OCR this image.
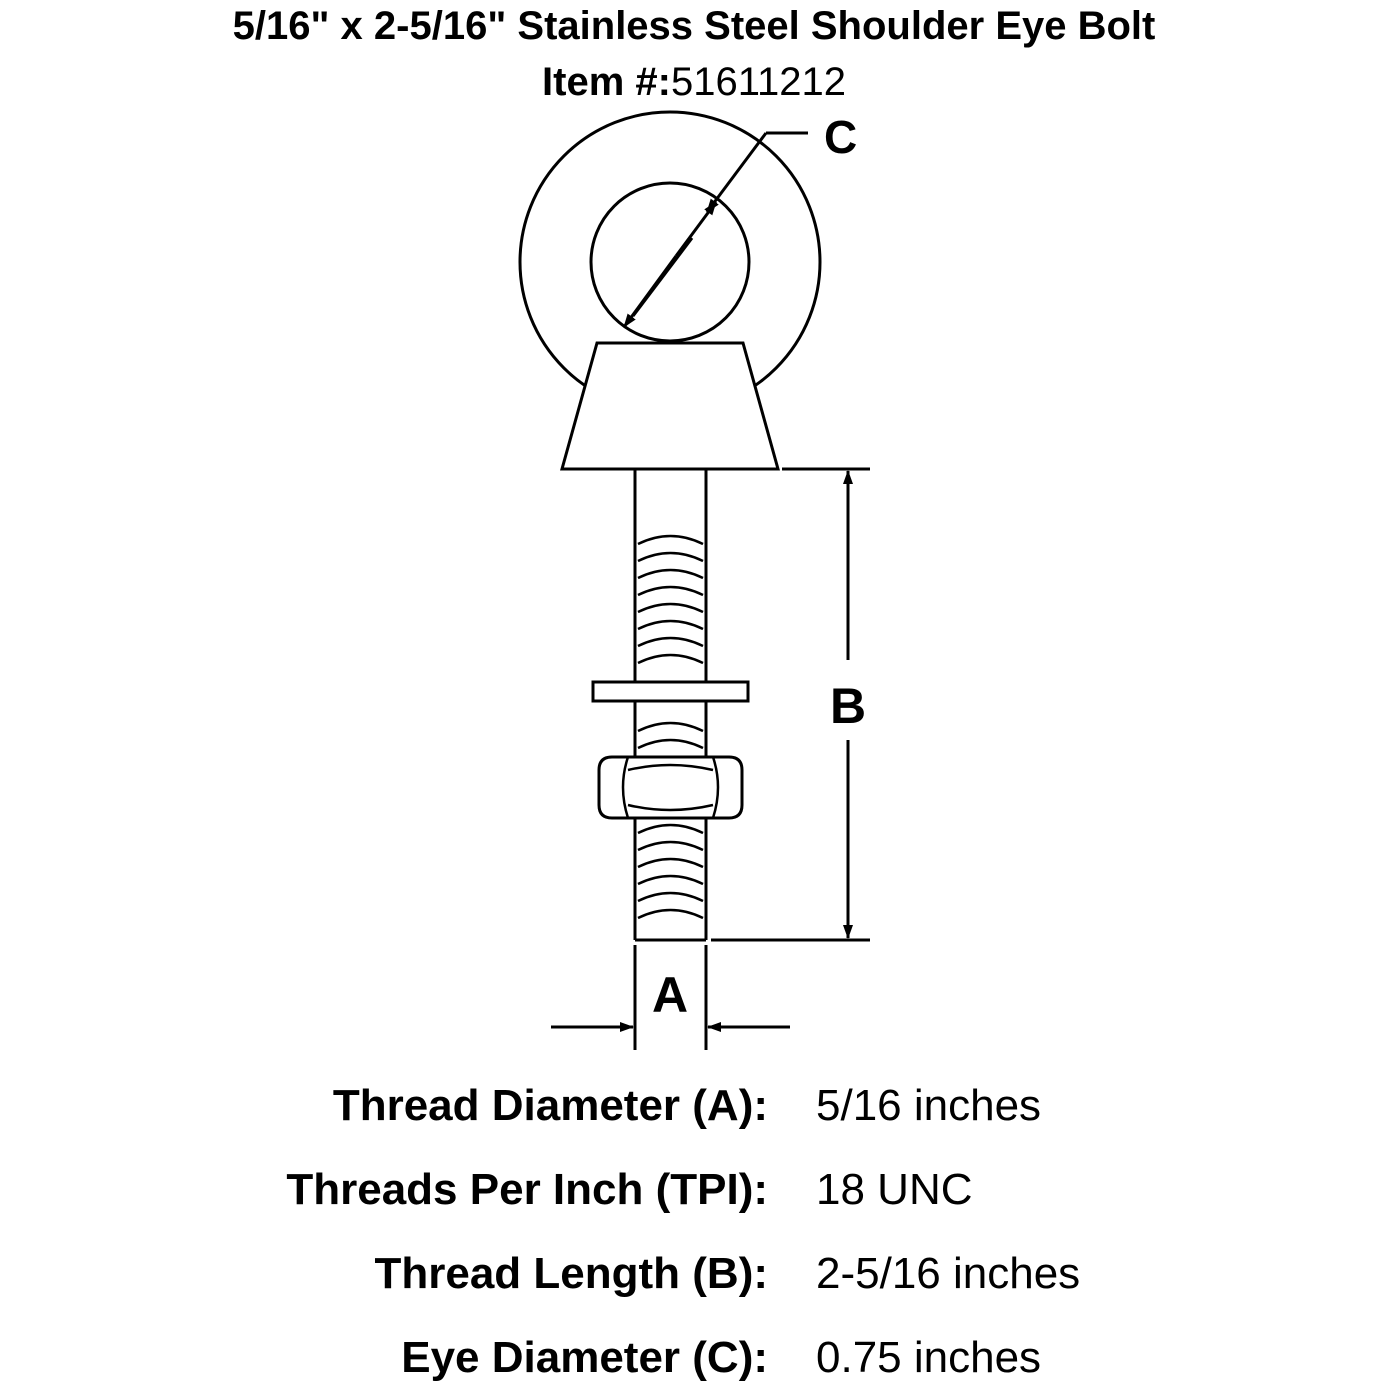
5/16" x 2-5/16" Stainless Steel Shoulder Eye Bolt
Item #:51611212
C
B
A
Thread Diameter (A): 5/16 inches
Threads Per Inch (TPI): 18 UNC
Thread Length (B): 2-5/16 inches
Eye Diameter (C): 0.75 inches
